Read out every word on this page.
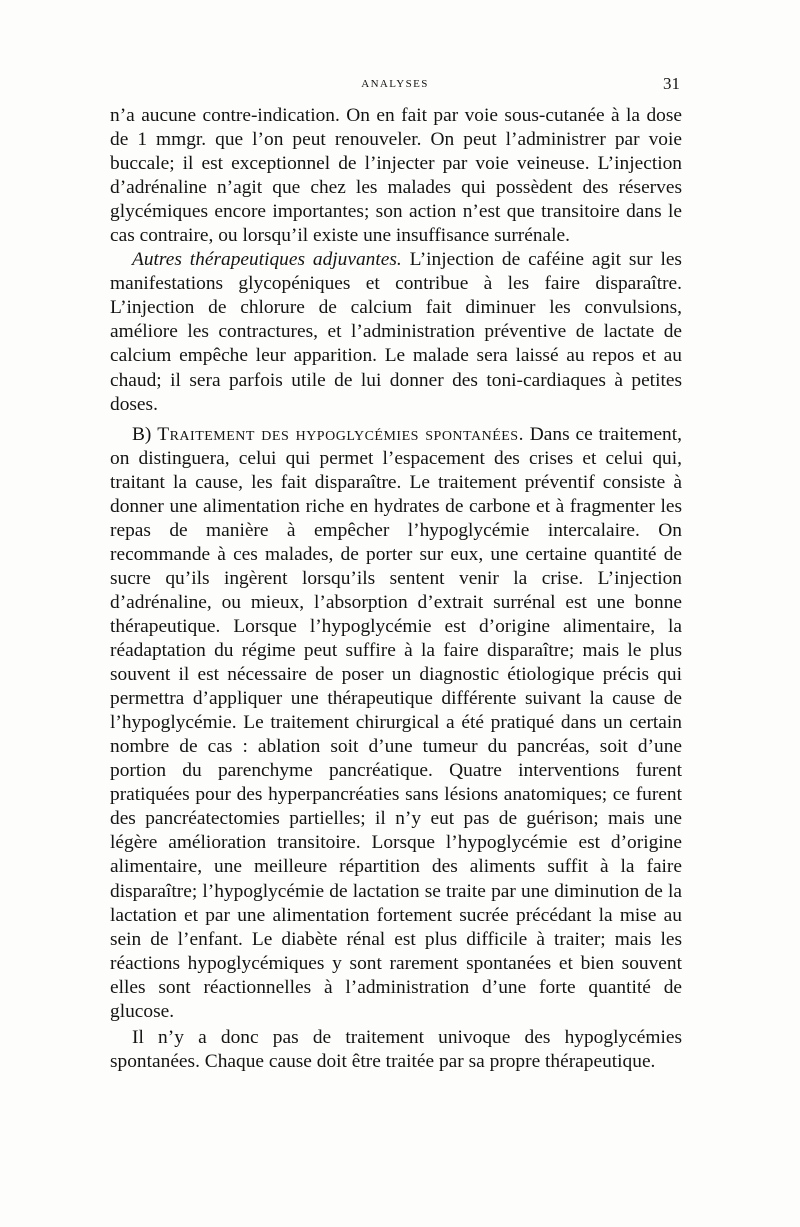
ANALYSES	31

n’a aucune contre-indication. On en fait par voie sous-cutanée à la dose de 1 mmgr. que l’on peut renouveler. On peut l’administrer par voie buccale; il est exceptionnel de l’injecter par voie veineuse. L’injection d’adrénaline n’agit que chez les malades qui possèdent des réserves glycémiques encore importantes; son action n’est que transitoire dans le cas contraire, ou lorsqu’il existe une insuffisance surrénale.

Autres thérapeutiques adjuvantes. L’injection de caféine agit sur les manifestations glycopéniques et contribue à les faire disparaître. L’injection de chlorure de calcium fait diminuer les convulsions, améliore les contractures, et l’administration préventive de lactate de calcium empêche leur apparition. Le malade sera laissé au repos et au chaud; il sera parfois utile de lui donner des toni-cardiaques à petites doses.

B) Traitement des hypoglycémies spontanées. Dans ce traitement, on distinguera, celui qui permet l’espacement des crises et celui qui, traitant la cause, les fait disparaître. Le traitement préventif consiste à donner une alimentation riche en hydrates de carbone et à fragmenter les repas de manière à empêcher l’hypoglycémie intercalaire. On recommande à ces malades, de porter sur eux, une certaine quantité de sucre qu’ils ingèrent lorsqu’ils sentent venir la crise. L’injection d’adrénaline, ou mieux, l’absorption d’extrait surrénal est une bonne thérapeutique. Lorsque l’hypoglycémie est d’origine alimentaire, la réadaptation du régime peut suffire à la faire disparaître; mais le plus souvent il est nécessaire de poser un diagnostic étiologique précis qui permettra d’appliquer une thérapeutique différente suivant la cause de l’hypoglycémie. Le traitement chirurgical a été pratiqué dans un certain nombre de cas : ablation soit d’une tumeur du pancréas, soit d’une portion du parenchyme pancréatique. Quatre interventions furent pratiquées pour des hyperpancréaties sans lésions anatomiques; ce furent des pancréatectomies partielles; il n’y eut pas de guérison; mais une légère amélioration transitoire. Lorsque l’hypoglycémie est d’origine alimentaire, une meilleure répartition des aliments suffit à la faire disparaître; l’hypoglycémie de lactation se traite par une diminution de la lactation et par une alimentation fortement sucrée précédant la mise au sein de l’enfant. Le diabète rénal est plus difficile à traiter; mais les réactions hypoglycémiques y sont rarement spontanées et bien souvent elles sont réactionnelles à l’administration d’une forte quantité de glucose.

Il n’y a donc pas de traitement univoque des hypoglycémies spontanées. Chaque cause doit être traitée par sa propre thérapeutique.
